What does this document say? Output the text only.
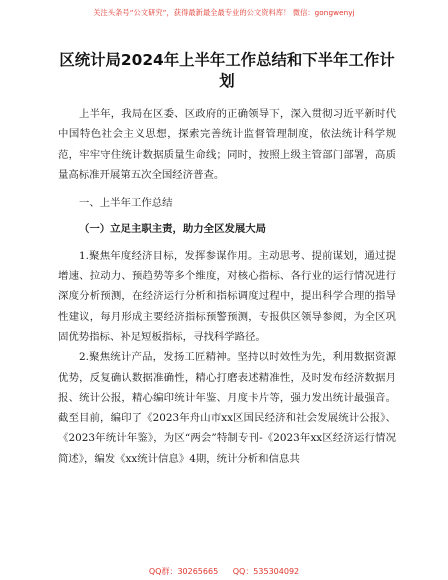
关注头条号“公文研究”，获得最新最全最专业的公文资料库！ 微信：gongwenyj
区统计局2024年上半年工作总结和下半年工作计划

上半年，我局在区委、区政府的正确领导下，深入贯彻习近平新时代中国特色社会主义思想，探索完善统计监督管理制度，依法统计科学规范，牢牢守住统计数据质量生命线；同时，按照上级主管部门部署，高质量高标准开展第五次全国经济普查。

一、上半年工作总结
（一）立足主职主责，助力全区发展大局

1.聚焦年度经济目标，发挥参谋作用。主动思考、提前谋划，通过提增速、拉动力、预趋势等多个维度，对核心指标、各行业的运行情况进行深度分析预测，在经济运行分析和指标调度过程中，提出科学合理的指导性建议，每月形成主要经济指标预警预测，专报供区领导参阅，为全区巩固优势指标、补足短板指标，寻找科学路径。

2.聚焦统计产品，发扬工匠精神。坚持以时效性为先，利用数据资源优势，反复确认数据准确性，精心打磨表述精准性，及时发布经济数据月报、统计公报，精心编印统计年鉴、月度卡片等，强力发出统计最强音。截至目前，编印了《2023年舟山市xx区国民经济和社会发展统计公报》、《2023年统计年鉴》，为区“两会”特制专刊-《2023年xx区经济运行情况简述》，编发《xx统计信息》4期，统计分析和信息共

QQ群：30265665 QQ：535304092
